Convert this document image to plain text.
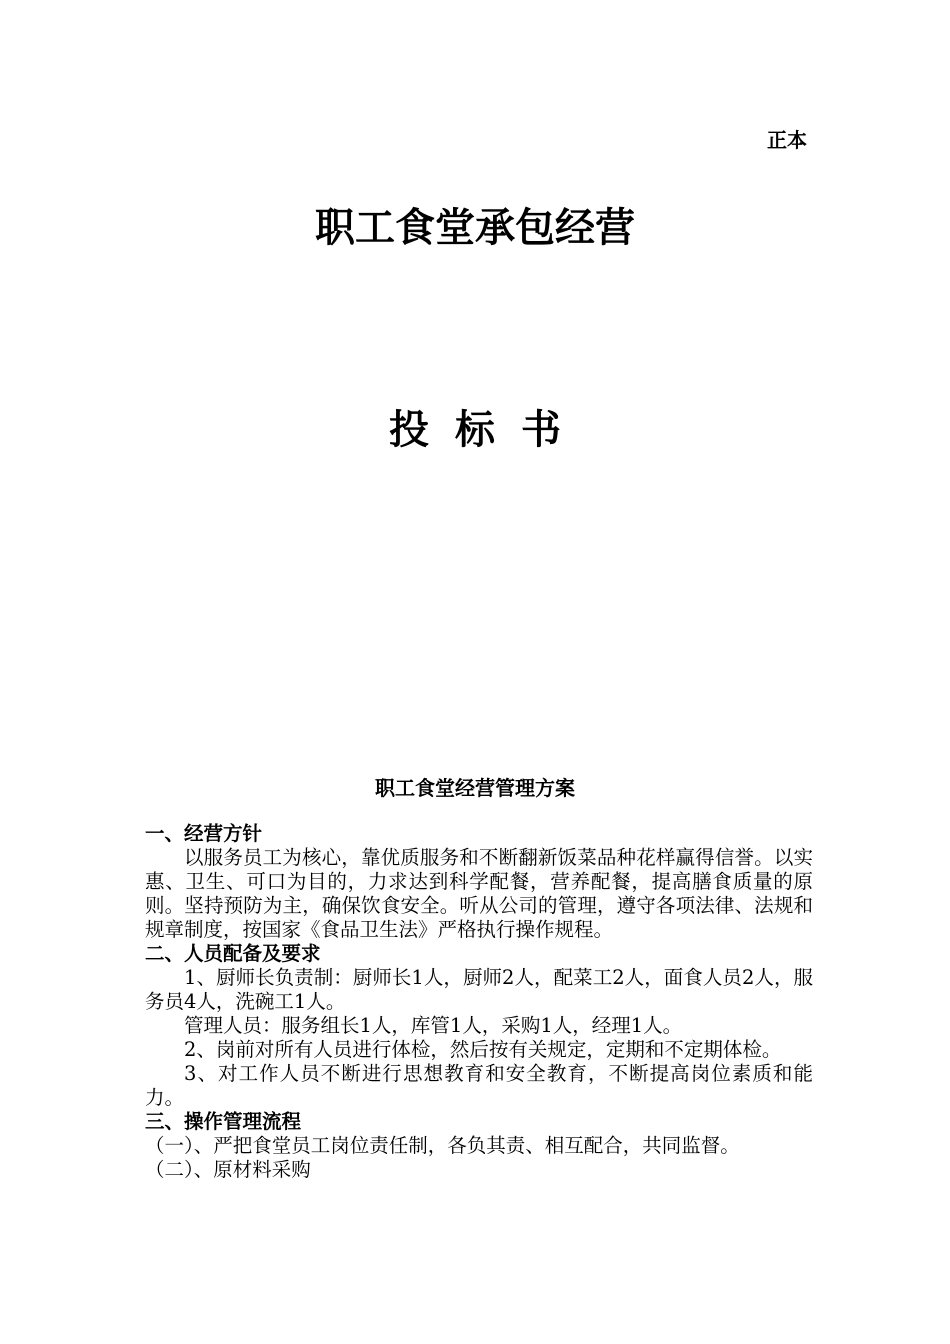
正本
职工食堂承包经营
投标书
职工食堂经营管理方案

一、经营方针

以服务员工为核心，靠优质服务和不断翻新饭菜品种花样赢得信誉。以实惠、卫生、可口为目的，力求达到科学配餐，营养配餐，提高膳食质量的原则。坚持预防为主，确保饮食安全。听从公司的管理，遵守各项法律、法规和规章制度，按国家《食品卫生法》严格执行操作规程。

二、人员配备及要求

1、厨师长负责制：厨师长1人，厨师2人，配菜工2人，面食人员2人，服务员4人，洗碗工1人。

管理人员：服务组长1人，库管1人，采购1人，经理1人。

2、岗前对所有人员进行体检，然后按有关规定，定期和不定期体检。

3、对工作人员不断进行思想教育和安全教育，不断提高岗位素质和能力。

三、操作管理流程

（一）、严把食堂员工岗位责任制，各负其责、相互配合，共同监督。

（二）、原材料采购
